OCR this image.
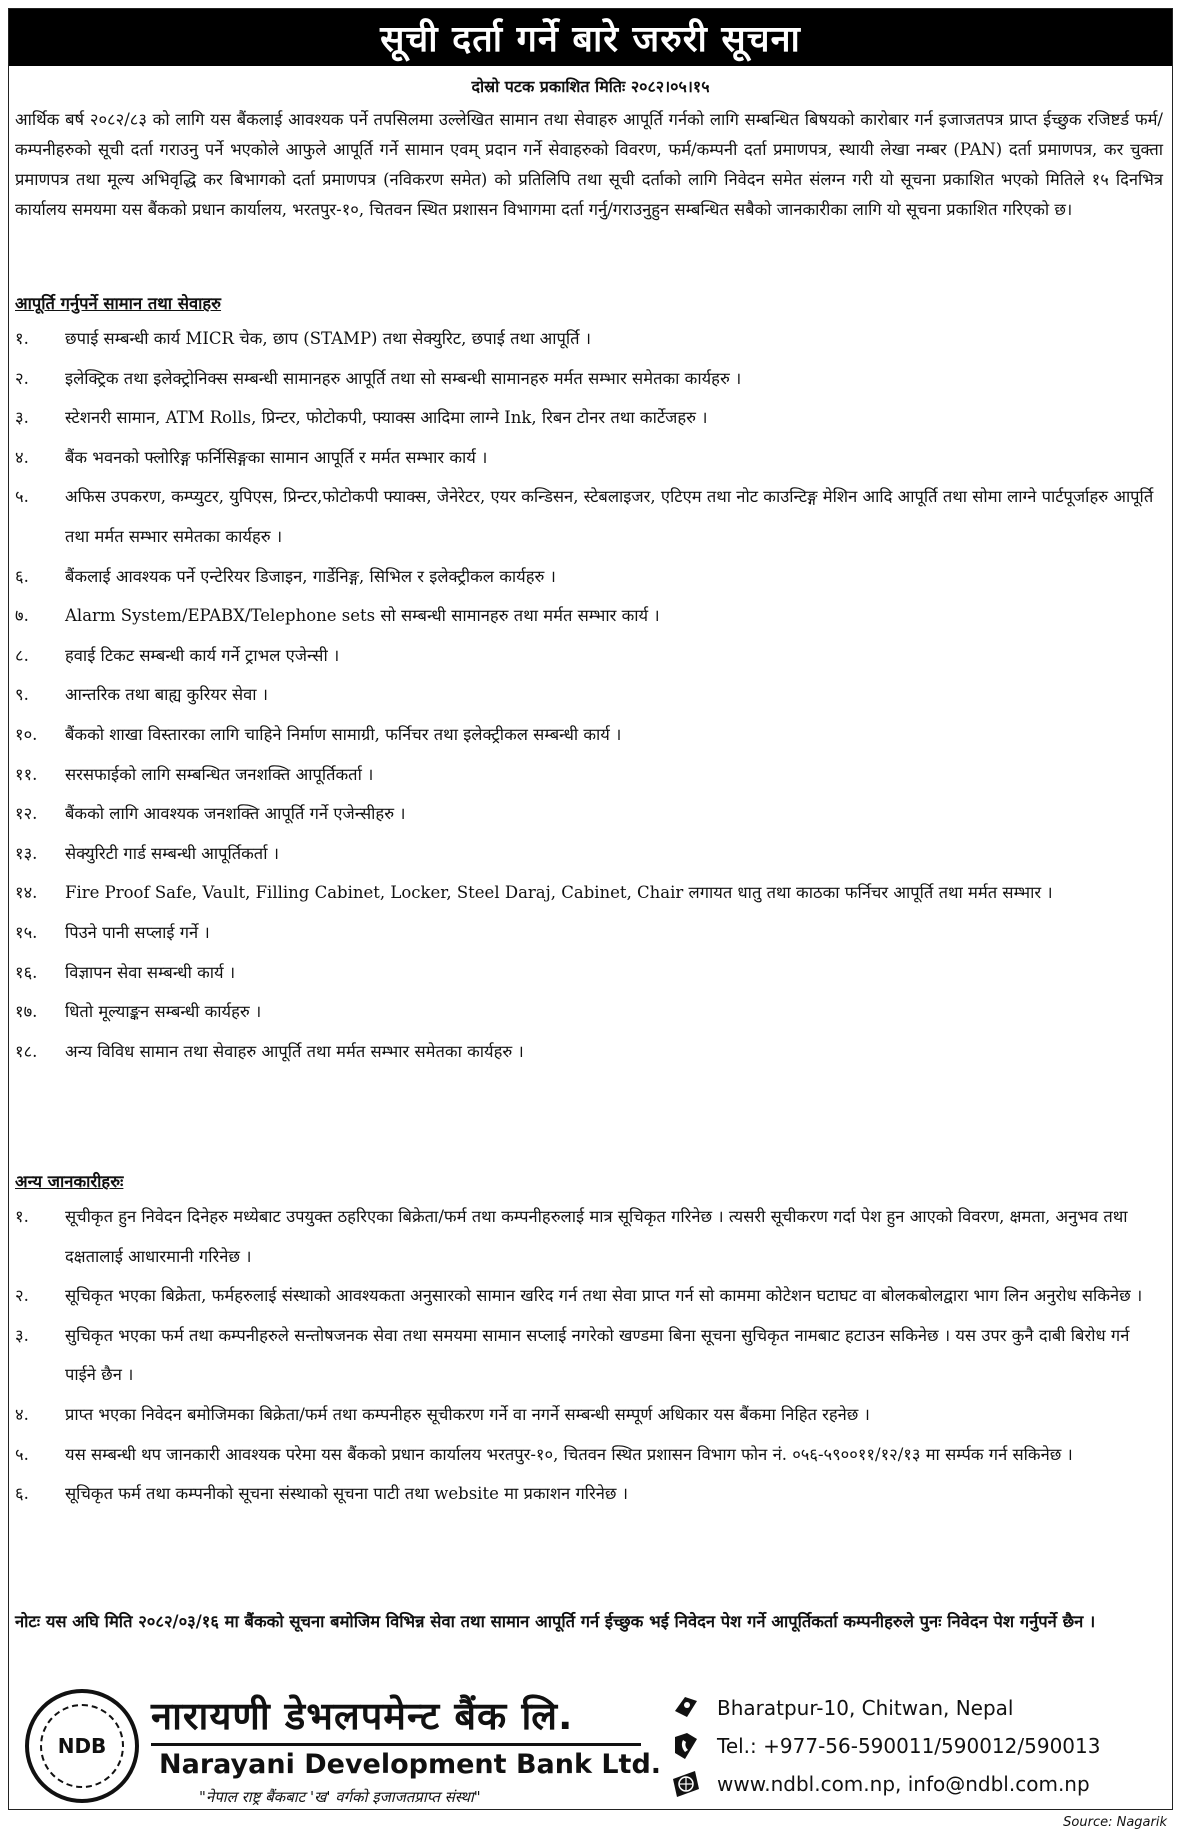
सूची दर्ता गर्ने बारे जरुरी सूचना
दोस्रो पटक प्रकाशित मितिः २०८२।०५।१५

आर्थिक बर्ष २०८२/८३ को लागि यस बैंकलाई आवश्यक पर्ने तपसिलमा उल्लेखित सामान तथा सेवाहरु आपूर्ति गर्नको लागि सम्बन्धित बिषयको कारोबार गर्न इजाजतपत्र प्राप्त ईच्छुक रजिष्टर्ड फर्म/कम्पनीहरुको सूची दर्ता गराउनु पर्ने भएकोले आफुले आपूर्ति गर्ने सामान एवम् प्रदान गर्ने सेवाहरुको विवरण, फर्म/कम्पनी दर्ता प्रमाणपत्र, स्थायी लेखा नम्बर (PAN) दर्ता प्रमाणपत्र, कर चुक्ता प्रमाणपत्र तथा मूल्य अभिवृद्धि कर बिभागको दर्ता प्रमाणपत्र (नविकरण समेत) को प्रतिलिपि तथा सूची दर्ताको लागि निवेदन समेत संलग्न गरी यो सूचना प्रकाशित भएको मितिले १५ दिनभित्र कार्यालय समयमा यस बैंकको प्रधान कार्यालय, भरतपुर-१०, चितवन स्थित प्रशासन विभागमा दर्ता गर्नु/गराउनुहुन सम्बन्धित सबैको जानकारीका लागि यो सूचना प्रकाशित गरिएको छ।

आपूर्ति गर्नुपर्ने सामान तथा सेवाहरु
१. छपाई सम्बन्धी कार्य MICR चेक, छाप (STAMP) तथा सेक्युरिट, छपाई तथा आपूर्ति ।
२. इलेक्ट्रिक तथा इलेक्ट्रोनिक्स सम्बन्धी सामानहरु आपूर्ति तथा सो सम्बन्धी सामानहरु मर्मत सम्भार समेतका कार्यहरु ।
३. स्टेशनरी सामान, ATM Rolls, प्रिन्टर, फोटोकपी, फ्याक्स आदिमा लाग्ने Ink, रिबन टोनर तथा कार्टेजहरु ।
४. बैंक भवनको फ्लोरिङ्ग फर्निसिङ्गका सामान आपूर्ति र मर्मत सम्भार कार्य ।
५. अफिस उपकरण, कम्प्युटर, युपिएस, प्रिन्टर,फोटोकपी फ्याक्स, जेनेरेटर, एयर कन्डिसन, स्टेबलाइजर, एटिएम तथा नोट काउन्टिङ्ग मेशिन आदि आपूर्ति तथा सोमा लाग्ने पार्टपूर्जाहरु आपूर्ति तथा मर्मत सम्भार समेतका कार्यहरु ।
६. बैंकलाई आवश्यक पर्ने एन्टेरियर डिजाइन, गार्डेनिङ्ग, सिभिल र इलेक्ट्रीकल कार्यहरु ।
७. Alarm System/EPABX/Telephone sets सो सम्बन्धी सामानहरु तथा मर्मत सम्भार कार्य ।
८. हवाई टिकट सम्बन्धी कार्य गर्ने ट्राभल एजेन्सी ।
९. आन्तरिक तथा बाह्य कुरियर सेवा ।
१०. बैंकको शाखा विस्तारका लागि चाहिने निर्माण सामाग्री, फर्निचर तथा इलेक्ट्रीकल सम्बन्धी कार्य ।
११. सरसफाईको लागि सम्बन्धित जनशक्ति आपूर्तिकर्ता ।
१२. बैंकको लागि आवश्यक जनशक्ति आपूर्ति गर्ने एजेन्सीहरु ।
१३. सेक्युरिटी गार्ड सम्बन्धी आपूर्तिकर्ता ।
१४. Fire Proof Safe, Vault, Filling Cabinet, Locker, Steel Daraj, Cabinet, Chair लगायत धातु तथा काठका फर्निचर आपूर्ति तथा मर्मत सम्भार ।
१५. पिउने पानी सप्लाई गर्ने ।
१६. विज्ञापन सेवा सम्बन्धी कार्य ।
१७. धितो मूल्याङ्कन सम्बन्धी कार्यहरु ।
१८. अन्य विविध सामान तथा सेवाहरु आपूर्ति तथा मर्मत सम्भार समेतका कार्यहरु ।
अन्य जानकारीहरुः
१. सूचीकृत हुन निवेदन दिनेहरु मध्येबाट उपयुक्त ठहरिएका बिक्रेता/फर्म तथा कम्पनीहरुलाई मात्र सूचिकृत गरिनेछ । त्यसरी सूचीकरण गर्दा पेश हुन आएको विवरण, क्षमता, अनुभव तथा दक्षतालाई आधारमानी गरिनेछ ।
२. सूचिकृत भएका बिक्रेता, फर्महरुलाई संस्थाको आवश्यकता अनुसारको सामान खरिद गर्न तथा सेवा प्राप्त गर्न सो काममा कोटेशन घटाघट वा बोलकबोलद्वारा भाग लिन अनुरोध सकिनेछ ।
३. सुचिकृत भएका फर्म तथा कम्पनीहरुले सन्तोषजनक सेवा तथा समयमा सामान सप्लाई नगरेको खण्डमा बिना सूचना सुचिकृत नामबाट हटाउन सकिनेछ । यस उपर कुनै दाबी बिरोध गर्न पाईने छैन ।
४. प्राप्त भएका निवेदन बमोजिमका बिक्रेता/फर्म तथा कम्पनीहरु सूचीकरण गर्ने वा नगर्ने सम्बन्धी सम्पूर्ण अधिकार यस बैंकमा निहित रहनेछ ।
५. यस सम्बन्धी थप जानकारी आवश्यक परेमा यस बैंकको प्रधान कार्यालय भरतपुर-१०, चितवन स्थित प्रशासन विभाग फोन नं. ०५६-५९००११/१२/१३ मा सर्म्पक गर्न सकिनेछ ।
६. सूचिकृत फर्म तथा कम्पनीको सूचना संस्थाको सूचना पाटी तथा website मा प्रकाशन गरिनेछ ।

नोटः यस अघि मिति २०८२/०३/१६ मा बैंकको सूचना बमोजिम विभिन्न सेवा तथा सामान आपूर्ति गर्न ईच्छुक भई निवेदन पेश गर्ने आपूर्तिकर्ता कम्पनीहरुले पुनः निवेदन पेश गर्नुपर्ने छैन ।

NDB
नारायणी डेभलपमेन्ट बैंक लि.
Narayani Development Bank Ltd.
"नेपाल राष्ट्र बैंकबाट 'ख' वर्गको इजाजतप्राप्त संस्था"
Bharatpur-10, Chitwan, Nepal
Tel.: +977-56-590011/590012/590013
www.ndbl.com.np, info@ndbl.com.np
Source: Nagarik
